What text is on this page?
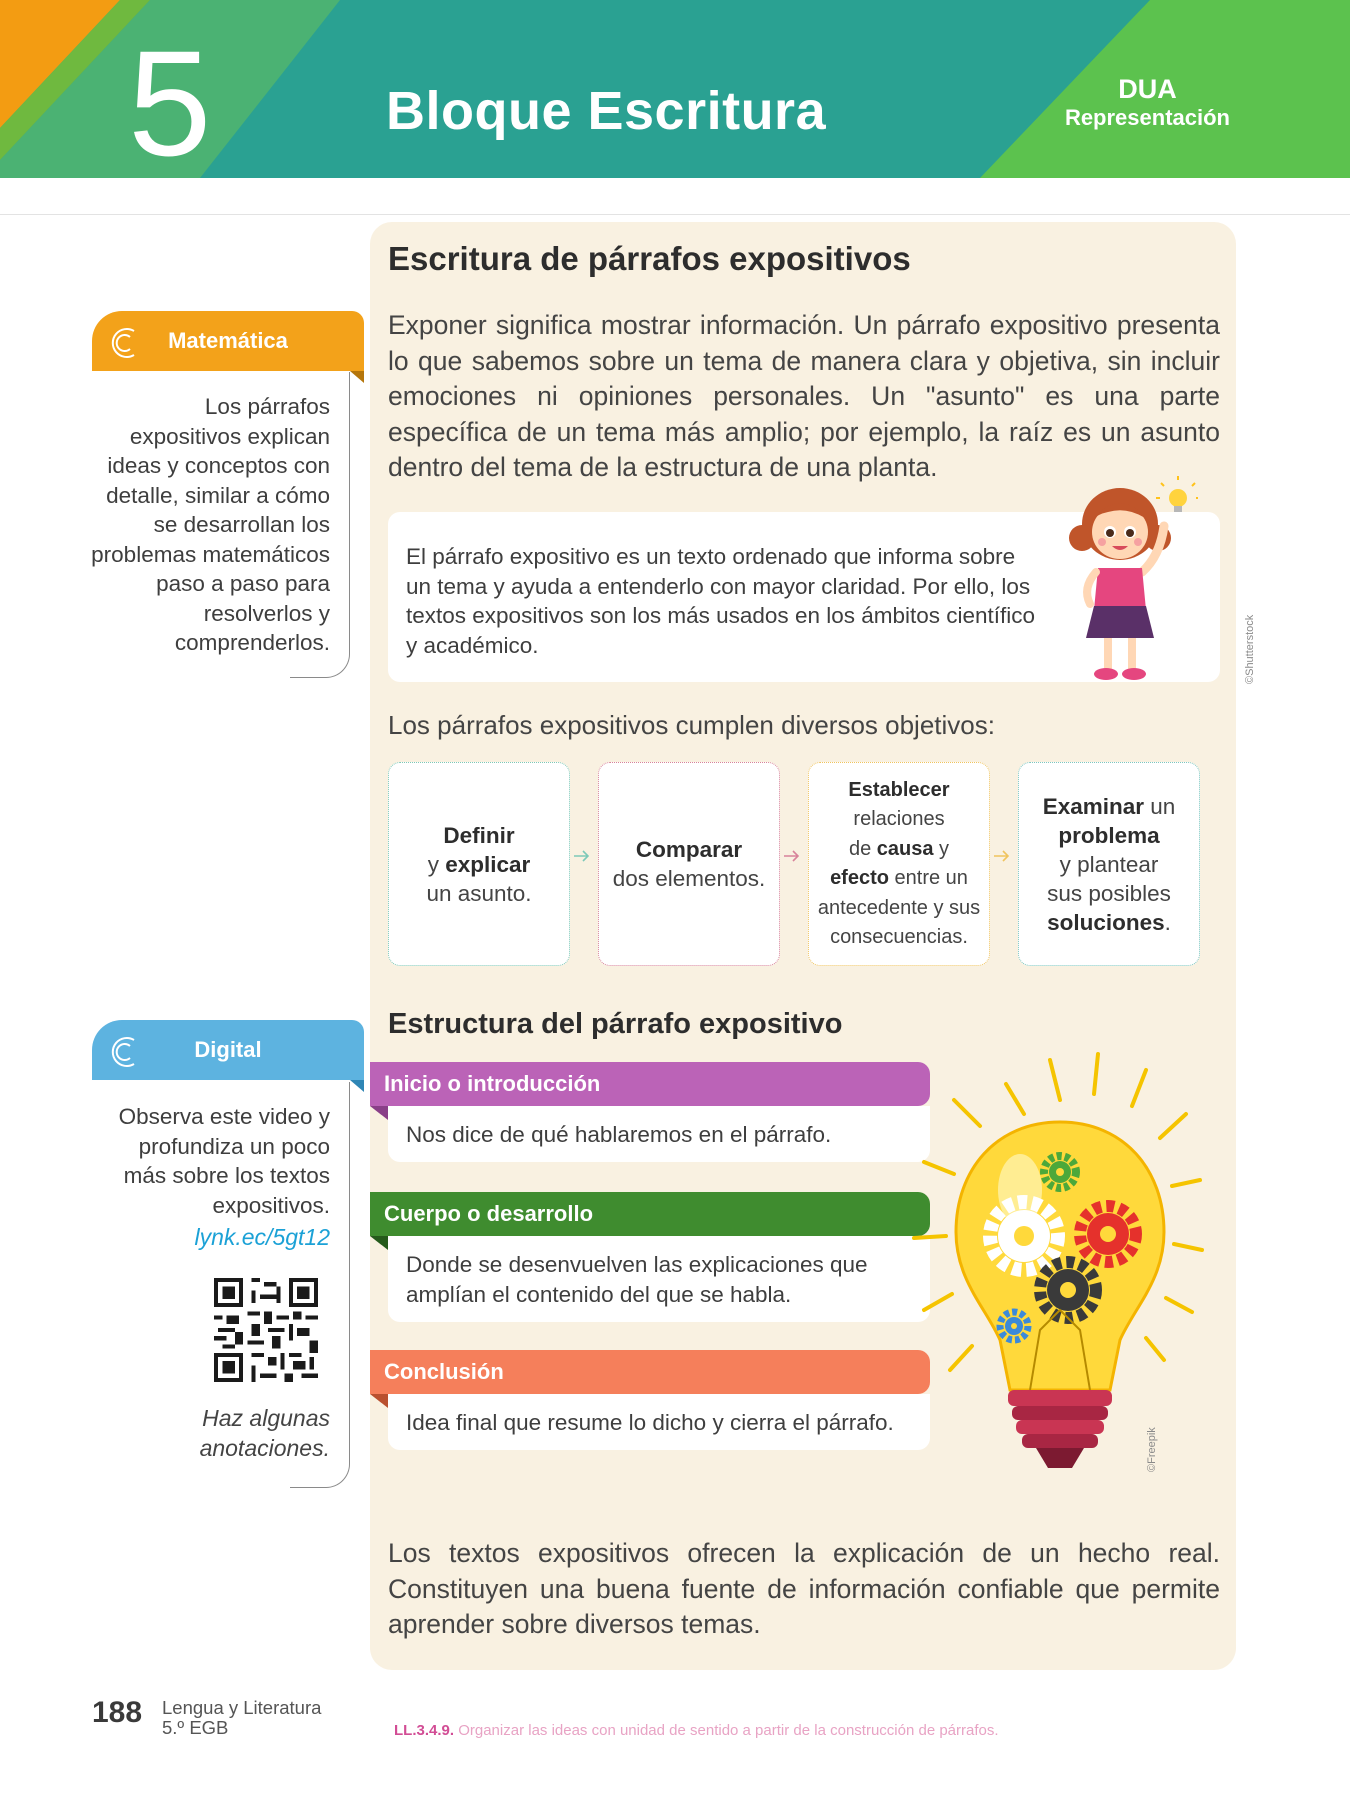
5	Bloque Escritura	DUA
Representación
Matemática
Los párrafos expositivos explican ideas y conceptos con detalle, similar a cómo se desarrollan los problemas matemáticos paso a paso para resolverlos y comprenderlos.
Digital
Observa este video y profundiza un poco más sobre los textos expositivos.
lynk.ec/5gt12
Haz algunas anotaciones.
Escritura de párrafos expositivos
Exponer significa mostrar información. Un párrafo expositivo presenta lo que sabemos sobre un tema de manera clara y objetiva, sin incluir emociones ni opiniones personales. Un "asunto" es una parte específica de un tema más amplio; por ejemplo, la raíz es un asunto dentro del tema de la estructura de una planta.
El párrafo expositivo es un texto ordenado que informa sobre un tema y ayuda a entenderlo con mayor claridad. Por ello, los textos expositivos son los más usados en los ámbitos científico y académico.	©Shutterstock
Los párrafos expositivos cumplen diversos objetivos:
Definir
y explicar
un asunto.
Comparar
dos elementos.
Establecer
relaciones
de causa y
efecto entre un
antecedente y sus
consecuencias.
Examinar un
problema
y plantear
sus posibles
soluciones.
Estructura del párrafo expositivo
Inicio o introducción
Nos dice de qué hablaremos en el párrafo.
Cuerpo o desarrollo
Donde se desenvuelven las explicaciones que amplían el contenido del que se habla.
Conclusión
Idea final que resume lo dicho y cierra el párrafo.
©Freepik
Los textos expositivos ofrecen la explicación de un hecho real. Constituyen una buena fuente de información confiable que permite aprender sobre diversos temas.
188 Lengua y Literatura
5.º EGB	LL.3.4.9. Organizar las ideas con unidad de sentido a partir de la construcción de párrafos.
